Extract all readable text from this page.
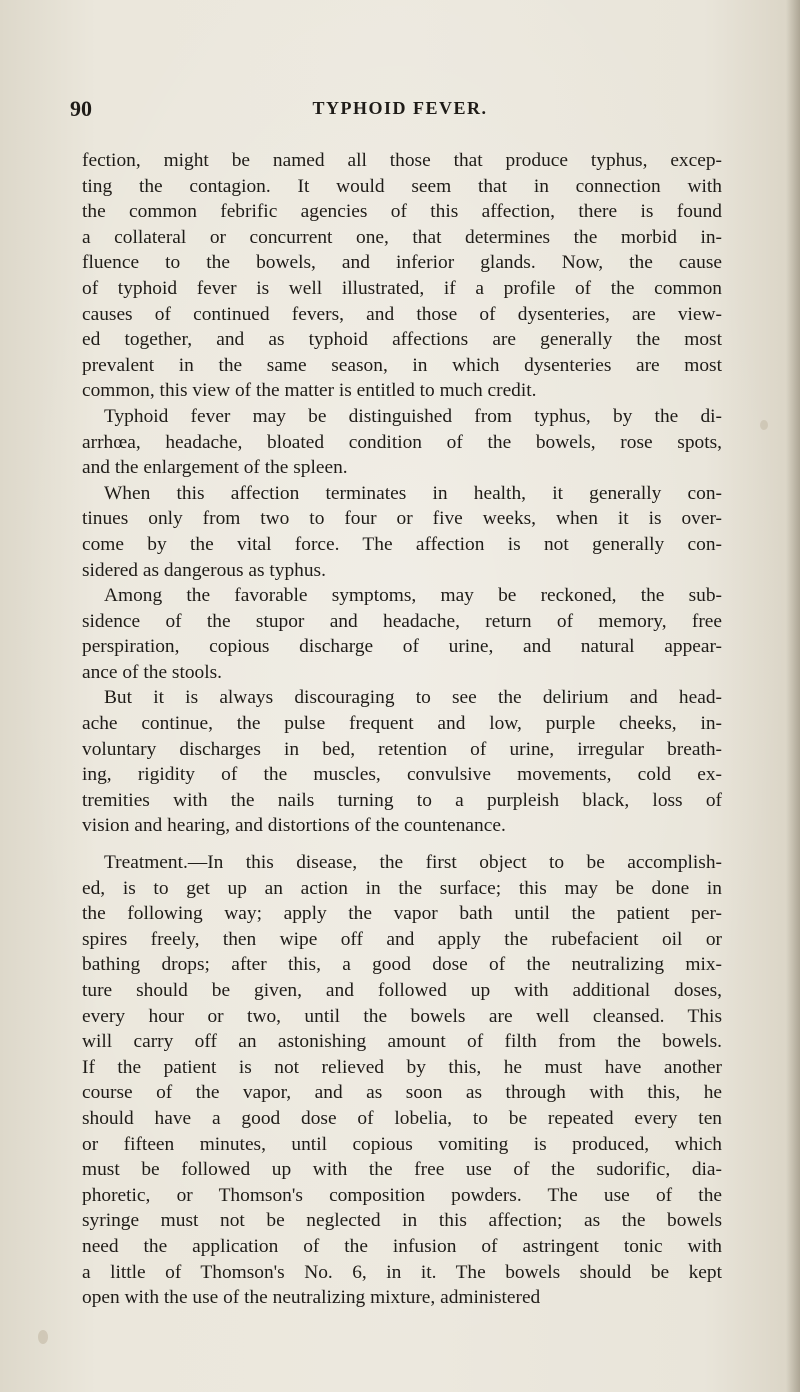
90	TYPHOID FEVER.
fection, might be named all those that produce typhus, excep-
ting the contagion. It would seem that in connection with
the common febrific agencies of this affection, there is found
a collateral or concurrent one, that determines the morbid in-
fluence to the bowels, and inferior glands. Now, the cause
of typhoid fever is well illustrated, if a profile of the common
causes of continued fevers, and those of dysenteries, are view-
ed together, and as typhoid affections are generally the most
prevalent in the same season, in which dysenteries are most
common, this view of the matter is entitled to much credit.
Typhoid fever may be distinguished from typhus, by the di-
arrhœa, headache, bloated condition of the bowels, rose spots,
and the enlargement of the spleen.
When this affection terminates in health, it generally con-
tinues only from two to four or five weeks, when it is over-
come by the vital force. The affection is not generally con-
sidered as dangerous as typhus.
Among the favorable symptoms, may be reckoned, the sub-
sidence of the stupor and headache, return of memory, free
perspiration, copious discharge of urine, and natural appear-
ance of the stools.
But it is always discouraging to see the delirium and head-
ache continue, the pulse frequent and low, purple cheeks, in-
voluntary discharges in bed, retention of urine, irregular breath-
ing, rigidity of the muscles, convulsive movements, cold ex-
tremities with the nails turning to a purpleish black, loss of
vision and hearing, and distortions of the countenance.
Treatment.—In this disease, the first object to be accomplish-
ed, is to get up an action in the surface; this may be done in
the following way; apply the vapor bath until the patient per-
spires freely, then wipe off and apply the rubefacient oil or
bathing drops; after this, a good dose of the neutralizing mix-
ture should be given, and followed up with additional doses,
every hour or two, until the bowels are well cleansed. This
will carry off an astonishing amount of filth from the bowels.
If the patient is not relieved by this, he must have another
course of the vapor, and as soon as through with this, he
should have a good dose of lobelia, to be repeated every ten
or fifteen minutes, until copious vomiting is produced, which
must be followed up with the free use of the sudorific, dia-
phoretic, or Thomson's composition powders. The use of the
syringe must not be neglected in this affection; as the bowels
need the application of the infusion of astringent tonic with
a little of Thomson's No. 6, in it. The bowels should be kept
open with the use of the neutralizing mixture, administered
